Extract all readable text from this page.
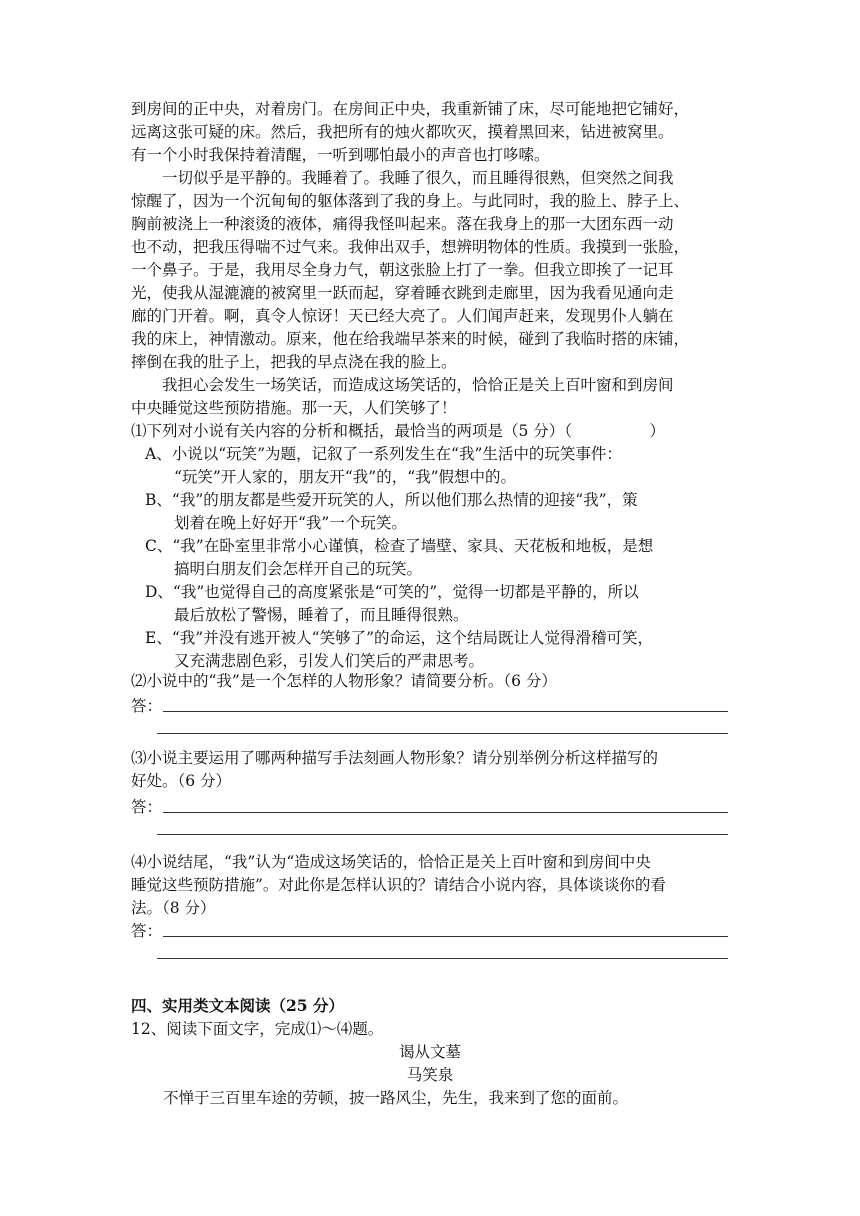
到房间的正中央，对着房门。在房间正中央，我重新铺了床，尽可能地把它铺好，
远离这张可疑的床。然后，我把所有的烛火都吹灭，摸着黑回来，钻进被窝里。
有一个小时我保持着清醒，一听到哪怕最小的声音也打哆嗦。
　　一切似乎是平静的。我睡着了。我睡了很久，而且睡得很熟，但突然之间我
惊醒了，因为一个沉甸甸的躯体落到了我的身上。与此同时，我的脸上、脖子上、
胸前被浇上一种滚烫的液体，痛得我怪叫起来。落在我身上的那一大团东西一动
也不动，把我压得喘不过气来。我伸出双手，想辨明物体的性质。我摸到一张脸，
一个鼻子。于是，我用尽全身力气，朝这张脸上打了一拳。但我立即挨了一记耳
光，使我从湿漉漉的被窝里一跃而起，穿着睡衣跳到走廊里，因为我看见通向走
廊的门开着。啊，真令人惊讶！天已经大亮了。人们闻声赶来，发现男仆人躺在
我的床上，神情激动。原来，他在给我端早茶来的时候，碰到了我临时搭的床铺，
摔倒在我的肚子上，把我的早点浇在我的脸上。
　　我担心会发生一场笑话，而造成这场笑话的，恰恰正是关上百叶窗和到房间
中央睡觉这些预防措施。那一天，人们笑够了！
⑴下列对小说有关内容的分析和概括，最恰当的两项是（5 分）（　　　　　）
A、小说以“玩笑”为题，记叙了一系列发生在“我”生活中的玩笑事件：
“玩笑”开人家的，朋友开“我”的，“我”假想中的。
B、“我”的朋友都是些爱开玩笑的人，所以他们那么热情的迎接“我”，策
划着在晚上好好开“我”一个玩笑。
C、“我”在卧室里非常小心谨慎，检查了墙壁、家具、天花板和地板，是想
搞明白朋友们会怎样开自己的玩笑。
D、“我”也觉得自己的高度紧张是“可笑的”，觉得一切都是平静的，所以
最后放松了警惕，睡着了，而且睡得很熟。
E、“我”并没有逃开被人“笑够了”的命运，这个结局既让人觉得滑稽可笑，
又充满悲剧色彩，引发人们笑后的严肃思考。
⑵小说中的“我”是一个怎样的人物形象？请简要分析。（6 分）
答：
⑶小说主要运用了哪两种描写手法刻画人物形象？请分别举例分析这样描写的
好处。（6 分）
答：
⑷小说结尾，“我”认为“造成这场笑话的，恰恰正是关上百叶窗和到房间中央
睡觉这些预防措施”。对此你是怎样认识的？请结合小说内容，具体谈谈你的看
法。（8 分）
答：
四、实用类文本阅读（25 分）
12、阅读下面文字，完成⑴～⑷题。
谒从文墓
马笑泉
不惮于三百里车途的劳顿，披一路风尘，先生，我来到了您的面前。
